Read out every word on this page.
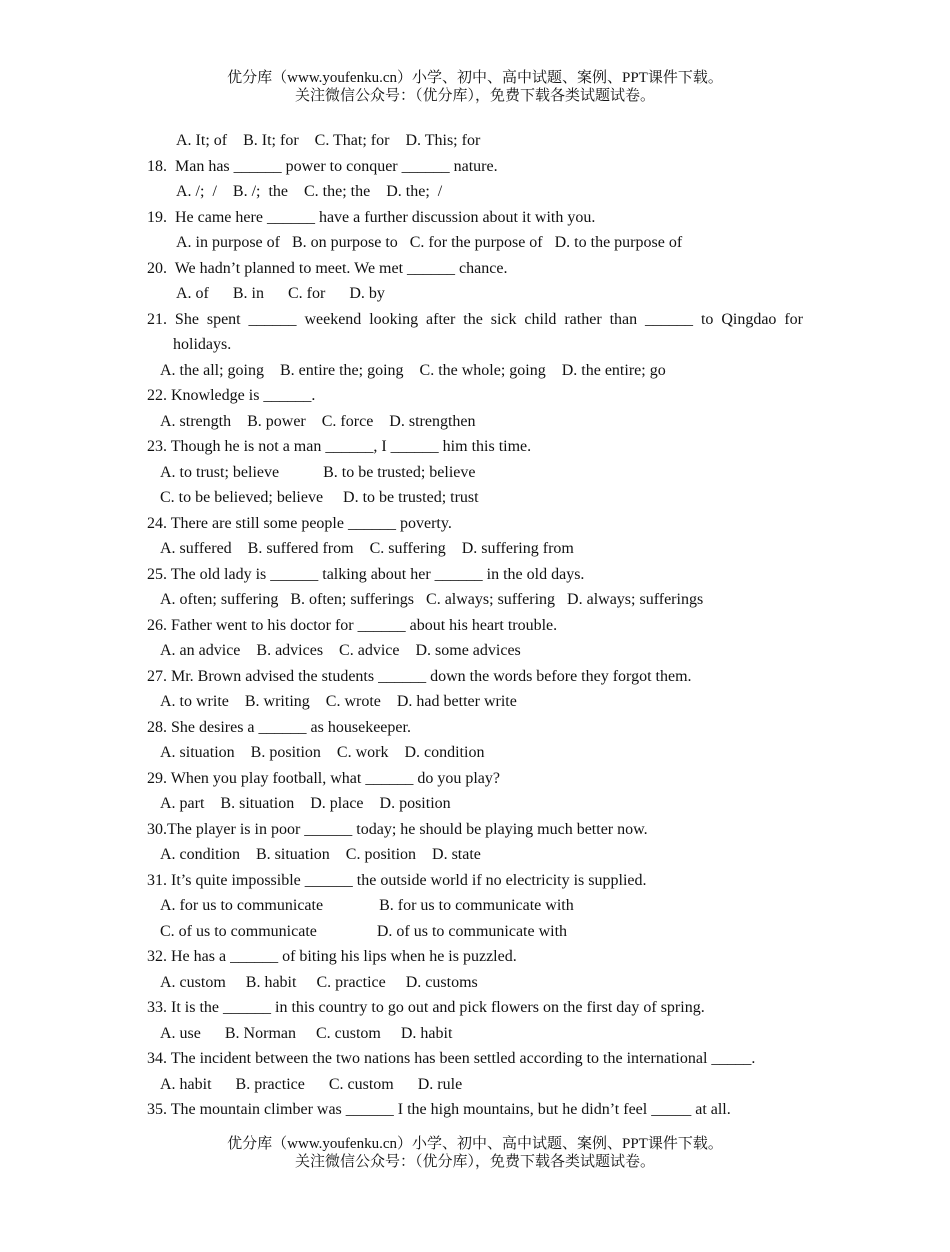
优分库（www.youfenku.cn）小学、初中、高中试题、案例、PPT课件下载。
关注微信公众号：（优分库），免费下载各类试题试卷。
A. It; of    B. It; for    C. That; for    D. This; for
18.  Man has ______ power to conquer ______ nature.
A. /;  /    B. /;  the    C. the; the    D. the;  /
19.  He came here ______ have a further discussion about it with you.
A. in purpose of   B. on purpose to   C. for the purpose of   D. to the purpose of
20.  We hadn’t planned to meet. We met ______ chance.
A. of      B. in      C. for      D. by
21. She spent ______ weekend looking after the sick child rather than ______ to Qingdao for
holidays.
A. the all; going    B. entire the; going    C. the whole; going    D. the entire; go
22. Knowledge is ______.
A. strength    B. power    C. force    D. strengthen
23. Though he is not a man ______, I ______ him this time.
A. to trust; believe           B. to be trusted; believe
C. to be believed; believe     D. to be trusted; trust
24. There are still some people ______ poverty.
A. suffered    B. suffered from    C. suffering    D. suffering from
25. The old lady is ______ talking about her ______ in the old days.
A. often; suffering   B. often; sufferings   C. always; suffering   D. always; sufferings
26. Father went to his doctor for ______ about his heart trouble.
A. an advice    B. advices    C. advice    D. some advices
27. Mr. Brown advised the students ______ down the words before they forgot them.
A. to write    B. writing    C. wrote    D. had better write
28. She desires a ______ as housekeeper.
A. situation    B. position    C. work    D. condition
29. When you play football, what ______ do you play?
A. part    B. situation    D. place    D. position
30.The player is in poor ______ today; he should be playing much better now.
A. condition    B. situation    C. position    D. state
31. It’s quite impossible ______ the outside world if no electricity is supplied.
A. for us to communicate              B. for us to communicate with
C. of us to communicate               D. of us to communicate with
32. He has a ______ of biting his lips when he is puzzled.
A. custom     B. habit     C. practice     D. customs
33. It is the ______ in this country to go out and pick flowers on the first day of spring.
A. use      B. Norman     C. custom     D. habit
34. The incident between the two nations has been settled according to the international _____.
A. habit      B. practice      C. custom      D. rule
35. The mountain climber was ______ I the high mountains, but he didn’t feel _____ at all.
优分库（www.youfenku.cn）小学、初中、高中试题、案例、PPT课件下载。
关注微信公众号：（优分库），免费下载各类试题试卷。
